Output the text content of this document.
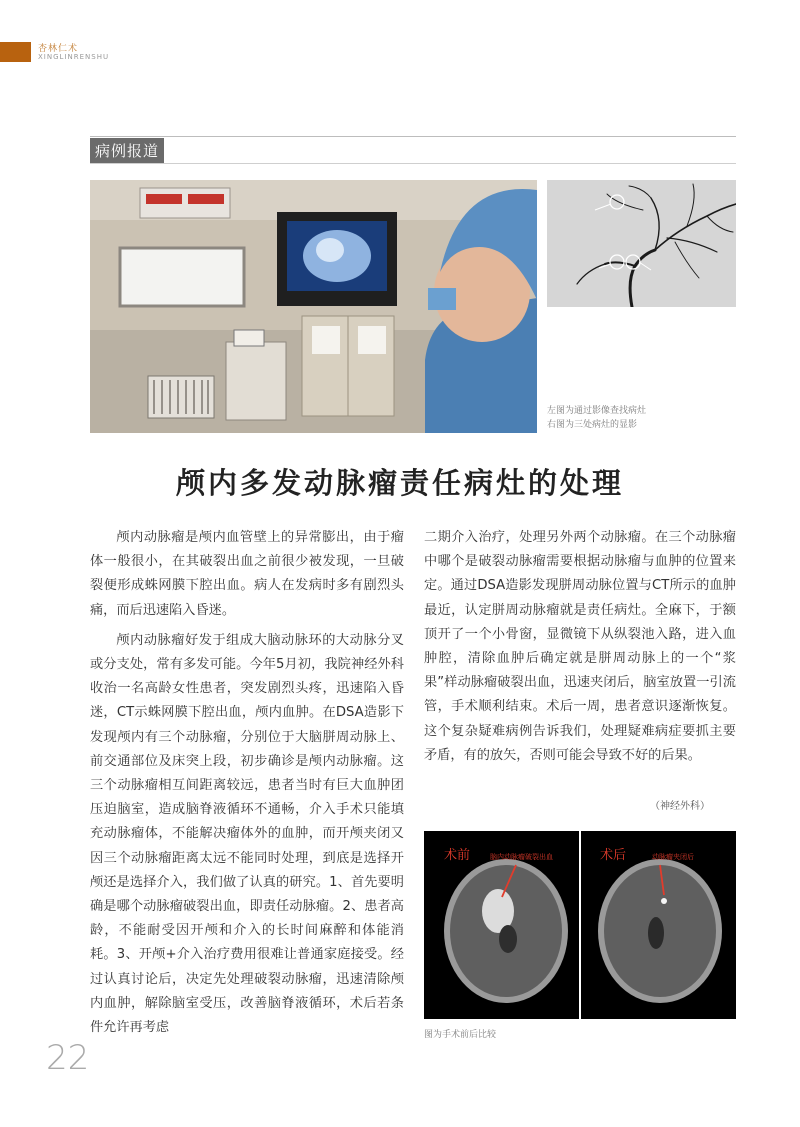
杏林仁术
XINGLINRENSHU
病例报道
左图为通过影像查找病灶
右图为三处病灶的显影
颅内多发动脉瘤责任病灶的处理

颅内动脉瘤是颅内血管壁上的异常膨出，由于瘤体一般很小，在其破裂出血之前很少被发现，一旦破裂便形成蛛网膜下腔出血。病人在发病时多有剧烈头痛，而后迅速陷入昏迷。

颅内动脉瘤好发于组成大脑动脉环的大动脉分叉或分支处，常有多发可能。今年5月初，我院神经外科收治一名高龄女性患者，突发剧烈头疼，迅速陷入昏迷，CT示蛛网膜下腔出血，颅内血肿。在DSA造影下发现颅内有三个动脉瘤，分别位于大脑胼周动脉上、前交通部位及床突上段，初步确诊是颅内动脉瘤。这三个动脉瘤相互间距离较远，患者当时有巨大血肿团压迫脑室，造成脑脊液循环不通畅，介入手术只能填充动脉瘤体，不能解决瘤体外的血肿，而开颅夹闭又因三个动脉瘤距离太远不能同时处理，到底是选择开颅还是选择介入，我们做了认真的研究。1、首先要明确是哪个动脉瘤破裂出血，即责任动脉瘤。2、患者高龄，不能耐受因开颅和介入的长时间麻醉和体能消耗。3、开颅+介入治疗费用很难让普通家庭接受。经过认真讨论后，决定先处理破裂动脉瘤，迅速清除颅内血肿，解除脑室受压，改善脑脊液循环，术后若条件允许再考虑

二期介入治疗，处理另外两个动脉瘤。在三个动脉瘤中哪个是破裂动脉瘤需要根据动脉瘤与血肿的位置来定。通过DSA造影发现胼周动脉位置与CT所示的血肿最近，认定胼周动脉瘤就是责任病灶。全麻下，于额顶开了一个小骨窗，显微镜下从纵裂池入路，进入血肿腔，清除血肿后确定就是胼周动脉上的一个“浆果”样动脉瘤破裂出血，迅速夹闭后，脑室放置一引流管，手术顺利结束。术后一周，患者意识逐渐恢复。这个复杂疑难病例告诉我们，处理疑难病症要抓主要矛盾，有的放矢，否则可能会导致不好的后果。

（神经外科）
术前	脑内动脉瘤破裂出血	术后	动脉瘤夹闭后
图为手术前后比较
22
